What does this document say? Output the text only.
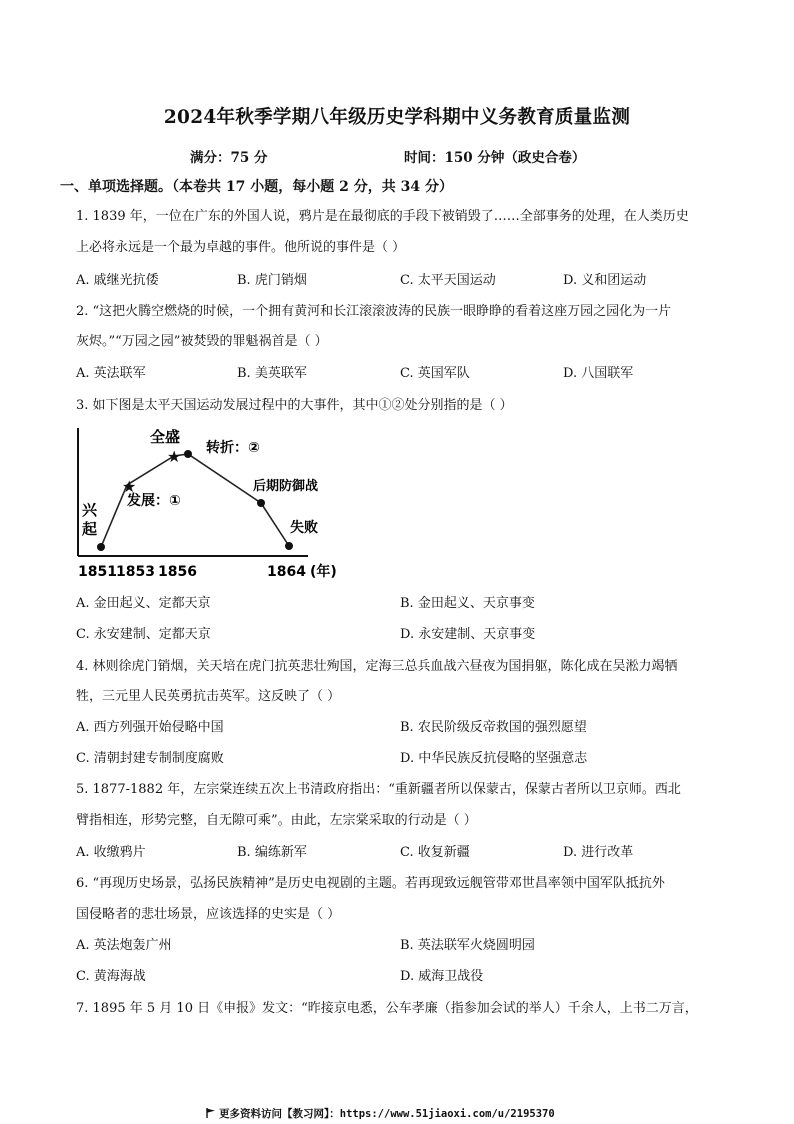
2024年秋季学期八年级历史学科期中义务教育质量监测
满分：75 分	时间：150 分钟（政史合卷）
一、单项选择题。（本卷共 17 小题，每小题 2 分，共 34 分）
1. 1839 年，一位在广东的外国人说，鸦片是在最彻底的手段下被销毁了……全部事务的处理，在人类历史
上必将永远是一个最为卓越的事件。他所说的事件是（ ）
A. 戚继光抗倭	B. 虎门销烟	C. 太平天国运动	D. 义和团运动
2. “这把火腾空燃烧的时候，一个拥有黄河和长江滚滚波涛的民族一眼睁睁的看着这座万园之园化为一片
灰烬。”“万园之园”被焚毁的罪魁祸首是（ ）
A. 英法联军	B. 美英联军	C. 英国军队	D. 八国联军
3. 如下图是太平天国运动发展过程中的大事件，其中①②处分别指的是（ ）
★
★
兴
起
发展：①
全盛
转折：②
后期防御战
失败
1851 1853 1856	1864 (年)
A. 金田起义、定都天京	B. 金田起义、天京事变
C. 永安建制、定都天京	D. 永安建制、天京事变
4. 林则徐虎门销烟，关天培在虎门抗英悲壮殉国，定海三总兵血战六昼夜为国捐躯，陈化成在吴淞力竭牺
牲，三元里人民英勇抗击英军。这反映了（ ）
A. 西方列强开始侵略中国	B. 农民阶级反帝救国的强烈愿望
C. 清朝封建专制制度腐败	D. 中华民族反抗侵略的坚强意志
5. 1877-1882 年，左宗棠连续五次上书清政府指出：“重新疆者所以保蒙古，保蒙古者所以卫京师。西北
臂指相连，形势完整，自无隙可乘”。由此，左宗棠采取的行动是（ ）
A. 收缴鸦片	B. 编练新军	C. 收复新疆	D. 进行改革
6. “再现历史场景，弘扬民族精神”是历史电视剧的主题。若再现致远舰管带邓世昌率领中国军队抵抗外
国侵略者的悲壮场景，应该选择的史实是（ ）
A. 英法炮轰广州	B. 英法联军火烧圆明园
C. 黄海海战	D. 威海卫战役
7. 1895 年 5 月 10 日《申报》发文：“昨接京电悉，公车孝廉（指参加会试的举人）千余人，上书二万言，
更多资料访问【教习网】：https://www.51jiaoxi.com/u/2195370
